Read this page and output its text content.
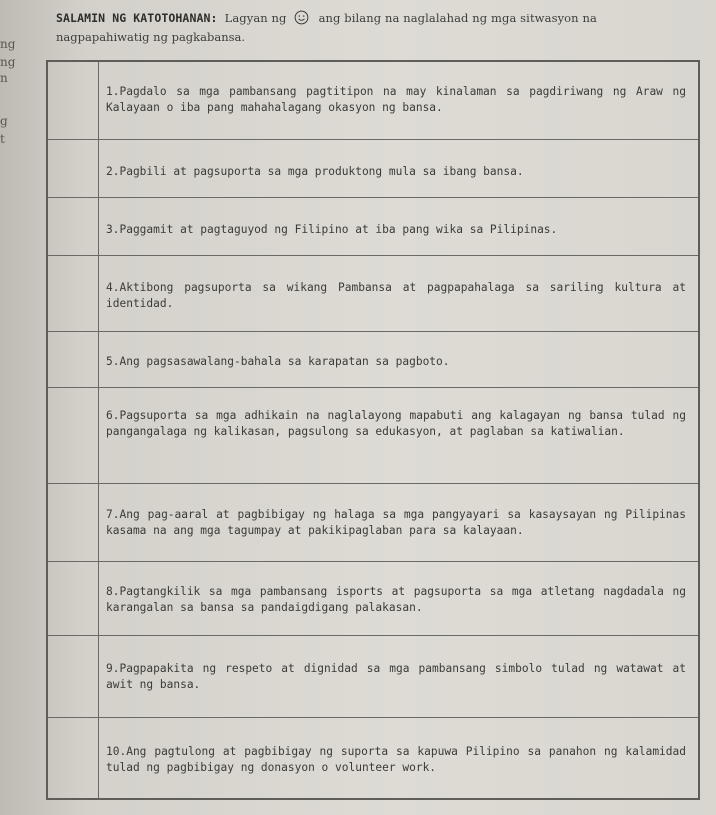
ng
ng
n
g
t
SALAMIN NG KATOTOHANAN: Lagyan ng	ang bilang na naglalahad ng mga sitwasyon na
nagpapahiwatig ng pagkabansa.
1.Pagdalo sa mga pambansang pagtitipon na may kinalaman sa pagdiriwang ng Araw ng Kalayaan o iba pang mahahalagang okasyon ng bansa.
2.Pagbili at pagsuporta sa mga produktong mula sa ibang bansa.
3.Paggamit at pagtaguyod ng Filipino at iba pang wika sa Pilipinas.
4.Aktibong pagsuporta sa wikang Pambansa at pagpapahalaga sa sariling kultura at identidad.
5.Ang pagsasawalang-bahala sa karapatan sa pagboto.
6.Pagsuporta sa mga adhikain na naglalayong mapabuti ang kalagayan ng bansa tulad ng pangangalaga ng kalikasan, pagsulong sa edukasyon, at paglaban sa katiwalian.
7.Ang pag-aaral at pagbibigay ng halaga sa mga pangyayari sa kasaysayan ng Pilipinas kasama na ang mga tagumpay at pakikipaglaban para sa kalayaan.
8.Pagtangkilik sa mga pambansang isports at pagsuporta sa mga atletang nagdadala ng karangalan sa bansa sa pandaigdigang palakasan.
9.Pagpapakita ng respeto at dignidad sa mga pambansang simbolo tulad ng watawat at awit ng bansa.
10.Ang pagtulong at pagbibigay ng suporta sa kapuwa Pilipino sa panahon ng kalamidad tulad ng pagbibigay ng donasyon o volunteer work.
